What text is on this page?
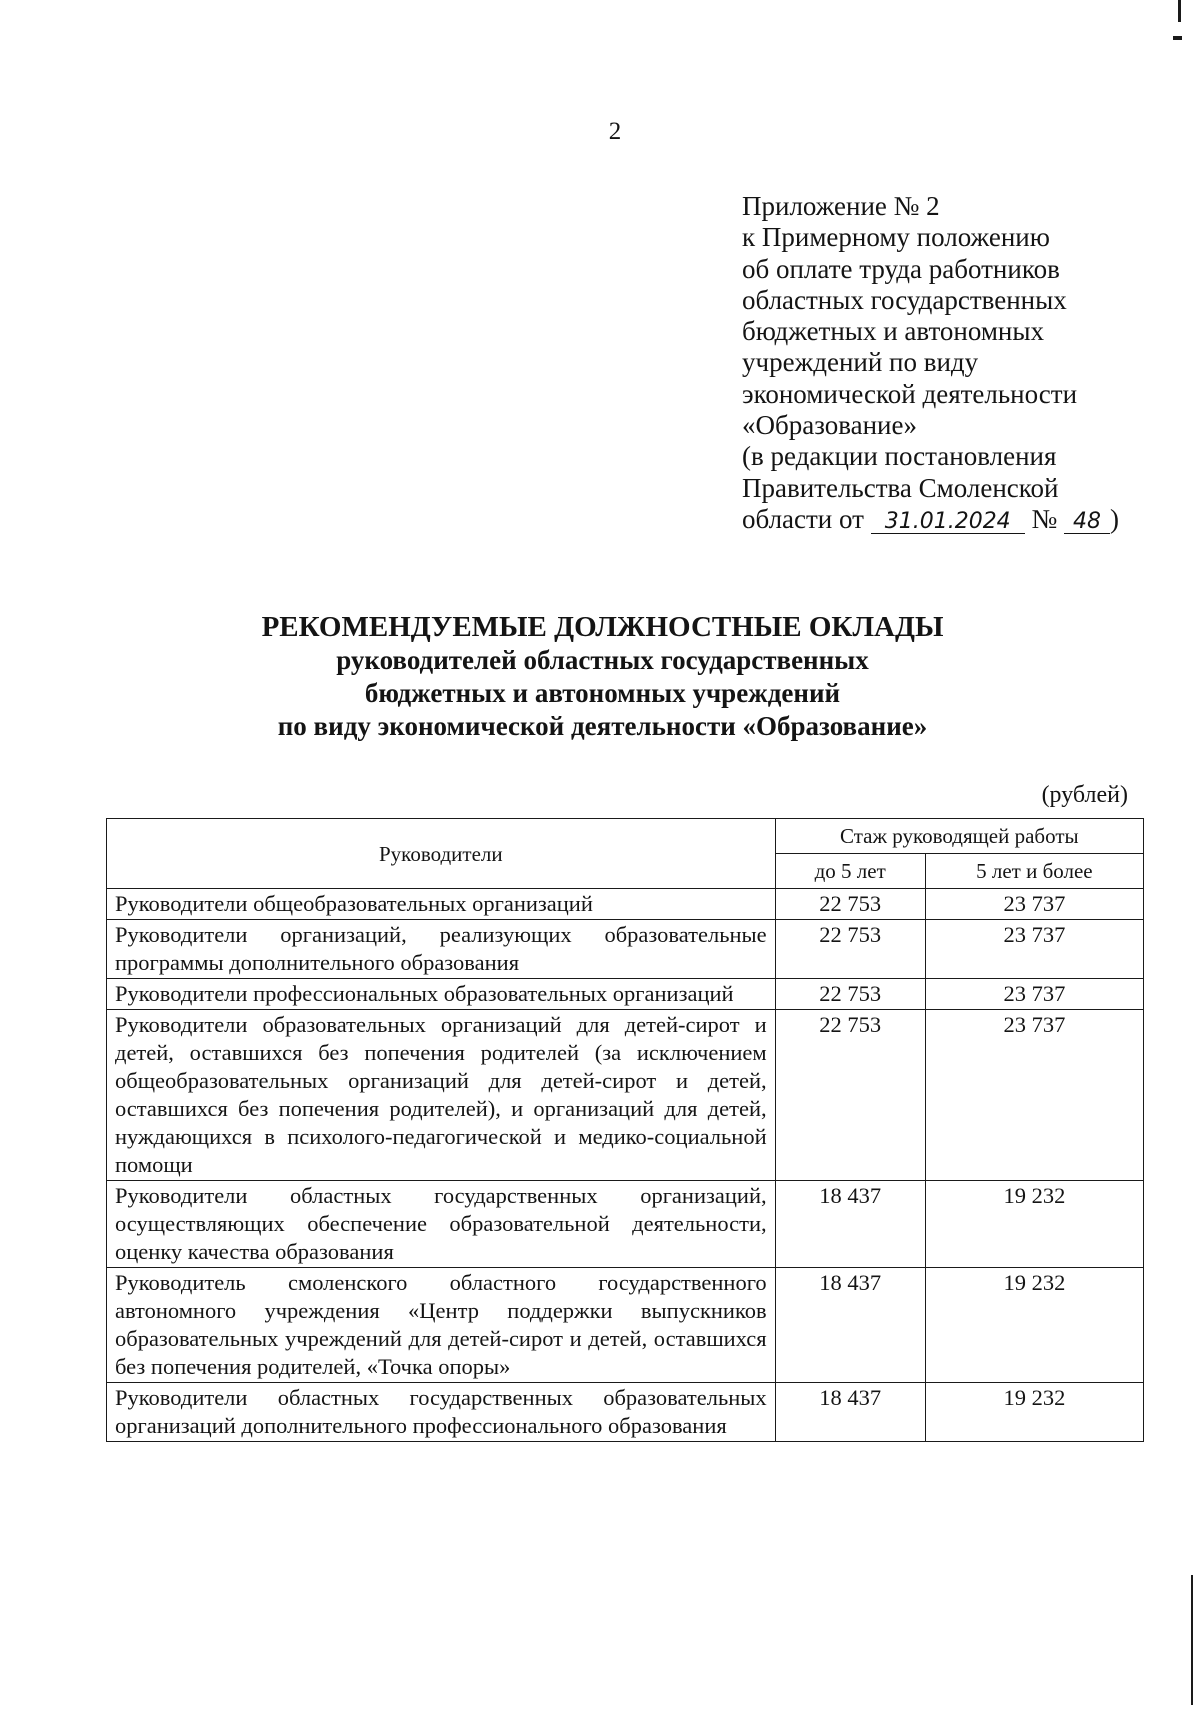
2
Приложение № 2
к Примерному положению
об оплате труда работников
областных государственных
бюджетных и автономных
учреждений по виду
экономической деятельности
«Образование»
(в редакции постановления
Правительства Смоленской
области от 31.01.2024 № 48 )
РЕКОМЕНДУЕМЫЕ ДОЛЖНОСТНЫЕ ОКЛАДЫ
руководителей областных государственных
бюджетных и автономных учреждений
по виду экономической деятельности «Образование»
(рублей)
Руководители	Стаж руководящей работы	
	до 5 лет	5 лет и более
Руководители общеобразовательных организаций	22 753	23 737
Руководители организаций, реализующих образовательные программы дополнительного образования	22 753	23 737
Руководители профессиональных образовательных организаций	22 753	23 737
Руководители образовательных организаций для детей-сирот и детей, оставшихся без попечения родителей (за исключением общеобразовательных организаций для детей-сирот и детей, оставшихся без попечения родителей), и организаций для детей, нуждающихся в психолого-педагогической и медико-социальной помощи	22 753	23 737
Руководители областных государственных организаций, осуществляющих обеспечение образовательной деятельности, оценку качества образования	18 437	19 232
Руководитель смоленского областного государственного автономного учреждения «Центр поддержки выпускников образовательных учреждений для детей-сирот и детей, оставшихся без попечения родителей, «Точка опоры»	18 437	19 232
Руководители областных государственных образовательных организаций дополнительного профессионального образования	18 437	19 232
